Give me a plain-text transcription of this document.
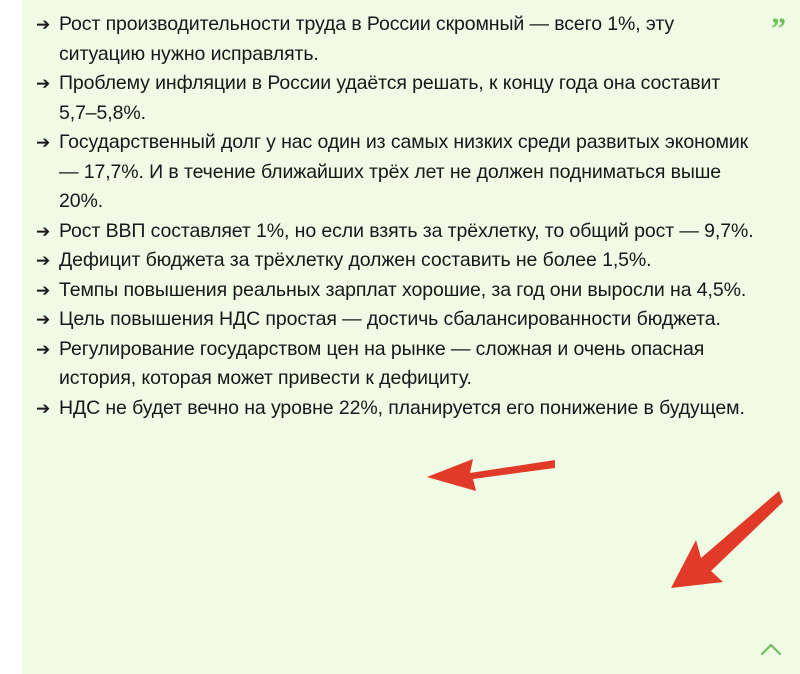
”
➔ Рост производительности труда в России скромный — всего 1%, эту ситуацию нужно исправлять.
➔ Проблему инфляции в России удаётся решать, к концу года она составит 5,7–5,8%.
➔ Государственный долг у нас один из самых низких среди развитых экономик — 17,7%. И в течение ближайших трёх лет не должен подниматься выше 20%.
➔ Рост ВВП составляет 1%, но если взять за трёхлетку, то общий рост — 9,7%.
➔ Дефицит бюджета за трёхлетку должен составить не более 1,5%.
➔ Темпы повышения реальных зарплат хорошие, за год они выросли на 4,5%.
➔ Цель повышения НДС простая — достичь сбалансированности бюджета.
➔ Регулирование государством цен на рынке — сложная и очень опасная история, которая может привести к дефициту.
➔ НДС не будет вечно на уровне 22%, планируется его понижение в будущем.
